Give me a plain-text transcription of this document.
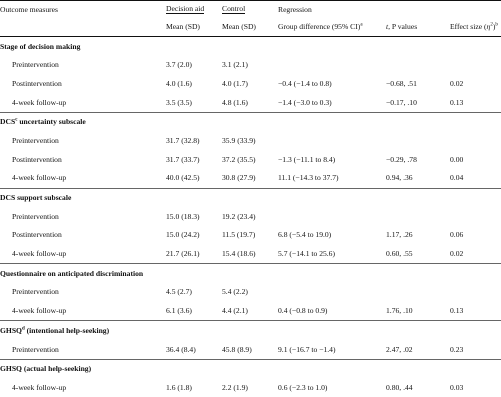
Outcome measures	Decision aid	Control	Regression		
	Mean (SD)	Mean (SD)	Group difference (95% CI)$^a$	t, P values	Effect size $(\eta^2)^b$
Stage of decision making					
Preintervention	3.7 (2.0)	3.1 (2.1)			
Postintervention	4.0 (1.6)	4.0 (1.7)	−0.4 (−1.4 to 0.8)	−0.68, .51	0.02
4-week follow-up	3.5 (3.5)	4.8 (1.6)	−1.4 (−3.0 to 0.3)	−0.17, .10	0.13
DCS$^c$ uncertainty subscale					
Preintervention	31.7 (32.8)	35.9 (33.9)			
Postintervention	31.7 (33.7)	37.2 (35.5)	−1.3 (−11.1 to 8.4)	−0.29, .78	0.00
4-week follow-up	40.0 (42.5)	30.8 (27.9)	11.1 (−14.3 to 37.7)	0.94, .36	0.04
DCS support subscale					
Preintervention	15.0 (18.3)	19.2 (23.4)			
Postintervention	15.0 (24.2)	11.5 (19.7)	6.8 (−5.4 to 19.0)	1.17, .26	0.06
4-week follow-up	21.7 (26.1)	15.4 (18.6)	5.7 (−14.1 to 25.6)	0.60, .55	0.02
Questionnaire on anticipated discrimination					
Preintervention	4.5 (2.7)	5.4 (2.2)			
4-week follow-up	6.1 (3.6)	4.4 (2.1)	0.4 (−0.8 to 0.9)	1.76, .10	0.13
GHSQ$^d$ (intentional help-seeking)					
Preintervention	36.4 (8.4)	45.8 (8.9)	9.1 (−16.7 to −1.4)	2.47, .02	0.23
GHSQ (actual help-seeking)					
4-week follow-up	1.6 (1.8)	2.2 (1.9)	0.6 (−2.3 to 1.0)	0.80, .44	0.03
